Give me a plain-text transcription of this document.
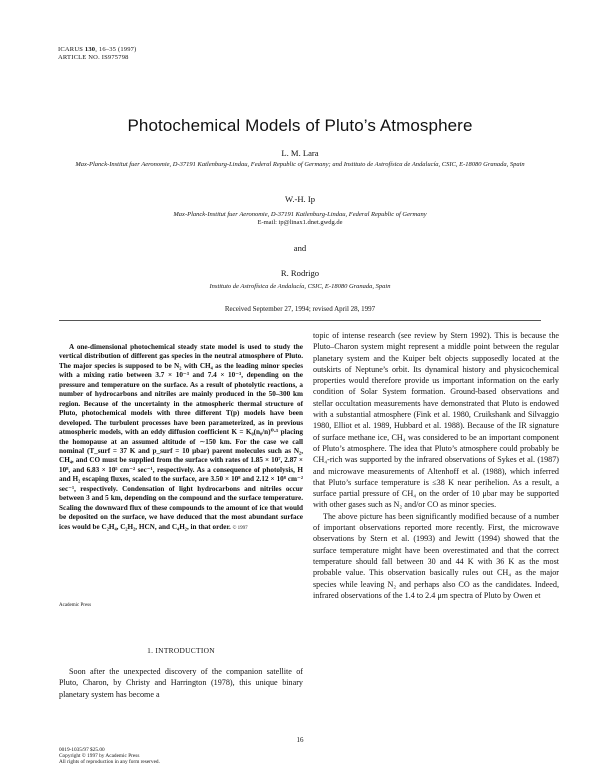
ICARUS 130, 16–35 (1997)
ARTICLE NO. IS975798
Photochemical Models of Pluto’s Atmosphere
L. M. Lara
Max-Planck-Institut fuer Aeronomie, D-37191 Katlenburg-Lindau, Federal Republic of Germany; and Instituto de Astrofísica de Andalucía, CSIC, E-18080 Granada, Spain
W.-H. Ip
Max-Planck-Institut fuer Aeronomie, D-37191 Katlenburg-Lindau, Federal Republic of Germany
E-mail: ip@linax1.dnet.gwdg.de
and
R. Rodrigo
Instituto de Astrofísica de Andalucía, CSIC, E-18080 Granada, Spain
Received September 27, 1994; revised April 28, 1997
A one-dimensional photochemical steady state model is used to study the vertical distribution of different gas species in the neutral atmosphere of Pluto. The major species is supposed to be N₂ with CH₄ as the leading minor species with a mixing ratio between 3.7 × 10⁻³ and 7.4 × 10⁻³, depending on the pressure and temperature on the surface. As a result of photolytic reactions, a number of hydrocarbons and nitriles are mainly produced in the 50–300 km region. Because of the uncertainty in the atmospheric thermal structure of Pluto, photochemical models with three different T(p) models have been developed. The turbulent processes have been parameterized, as in previous atmospheric models, with an eddy diffusion coefficient K = K₀(n₀/n)⁰·⁵ placing the homopause at an assumed altitude of ∼150 km. For the case we call nominal (T_surf = 37 K and p_surf = 10 μbar) parent molecules such as N₂, CH₄, and CO must be supplied from the surface with rates of 1.85 × 10⁷, 2.87 × 10⁸, and 6.83 × 10⁵ cm⁻² sec⁻¹, respectively. As a consequence of photolysis, H and H₂ escaping fluxes, scaled to the surface, are 3.50 × 10⁸ and 2.12 × 10⁸ cm⁻² sec⁻¹, respectively. Condensation of light hydrocarbons and nitriles occur between 3 and 5 km, depending on the compound and the surface temperature. Scaling the downward flux of these compounds to the amount of ice that would be deposited on the surface, we have deduced that the most abundant surface ices would be C₂H₄, C₂H₂, HCN, and C₄H₂, in that order. © 1997
Academic Press
1. INTRODUCTION
Soon after the unexpected discovery of the companion satellite of Pluto, Charon, by Christy and Harrington (1978), this unique binary planetary system has become a

topic of intense research (see review by Stern 1992). This is because the Pluto–Charon system might represent a middle point between the regular planetary system and the Kuiper belt objects supposedly located at the outskirts of Neptune’s orbit. Its dynamical history and physicochemical properties would therefore provide us important information on the early condition of Solar System formation. Ground-based observations and stellar occultation measurements have demonstrated that Pluto is endowed with a substantial atmosphere (Fink et al. 1980, Cruikshank and Silvaggio 1980, Elliot et al. 1989, Hubbard et al. 1988). Because of the IR signature of surface methane ice, CH₄ was considered to be an important component of Pluto’s atmosphere. The idea that Pluto’s atmosphere could probably be CH₄-rich was supported by the infrared observations of Sykes et al. (1987) and microwave measurements of Altenhoff et al. (1988), which inferred that Pluto’s surface temperature is ≤38 K near perihelion. As a result, a surface partial pressure of CH₄ on the order of 10 μbar may be supported with other gases such as N₂ and/or CO as minor species.

The above picture has been significantly modified because of a number of important observations reported more recently. First, the microwave observations by Stern et al. (1993) and Jewitt (1994) showed that the surface temperature might have been overestimated and that the correct temperature should fall between 30 and 44 K with 36 K as the most probable value. This observation basically rules out CH₄ as the major species while leaving N₂ and perhaps also CO as the candidates. Indeed, infrared observations of the 1.4 to 2.4 μm spectra of Pluto by Owen et

16
0019-1035/97 $25.00
Copyright © 1997 by Academic Press
All rights of reproduction in any form reserved.
